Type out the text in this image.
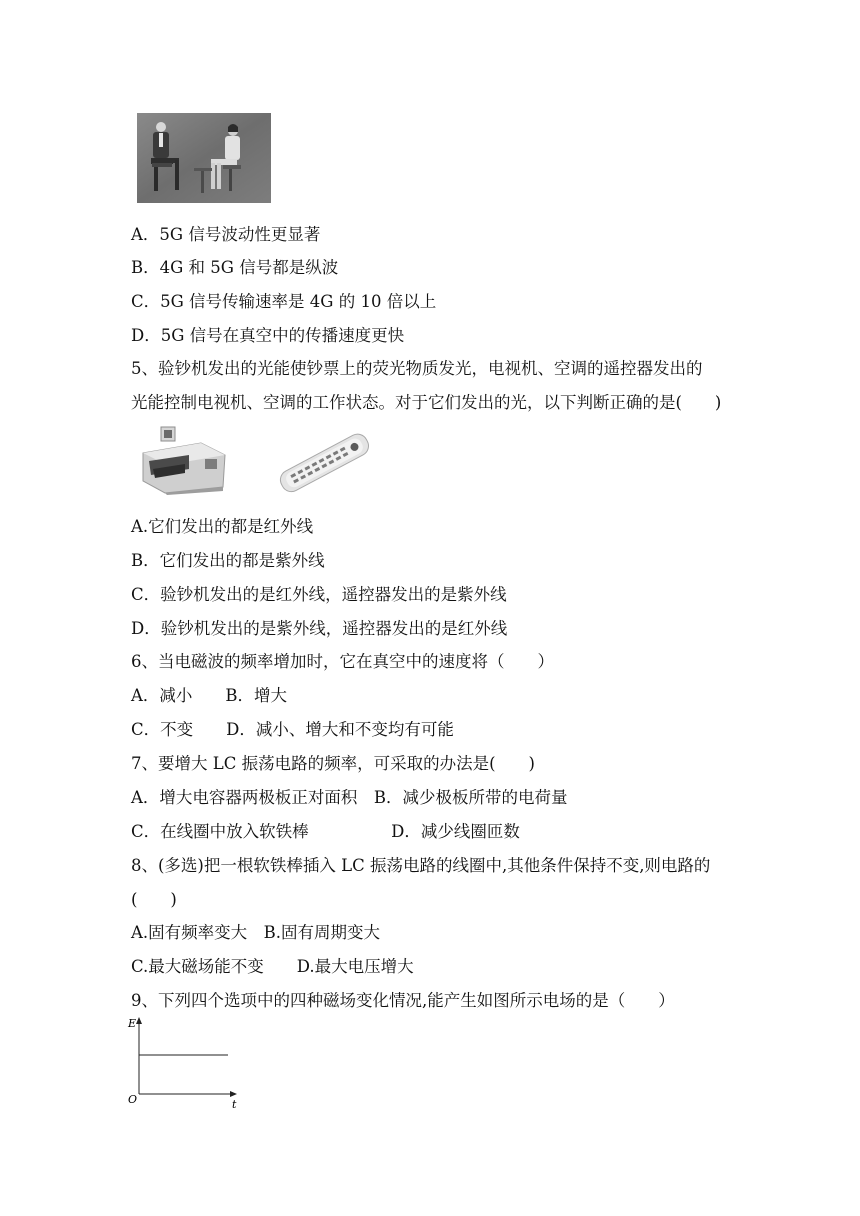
A．5G 信号波动性更显著
B．4G 和 5G 信号都是纵波
C．5G 信号传输速率是 4G 的 10 倍以上
D．5G 信号在真空中的传播速度更快
5、验钞机发出的光能使钞票上的荧光物质发光，电视机、空调的遥控器发出的
光能控制电视机、空调的工作状态。对于它们发出的光，以下判断正确的是(　　)
A.它们发出的都是红外线
B．它们发出的都是紫外线
C．验钞机发出的是红外线，遥控器发出的是紫外线
D．验钞机发出的是紫外线，遥控器发出的是红外线
6、当电磁波的频率增加时，它在真空中的速度将（　　）
A．减小　　B．增大
C．不变　　D．减小、增大和不变均有可能
7、要增大 LC 振荡电路的频率，可采取的办法是(　　)
A．增大电容器两极板正对面积　B．减少极板所带的电荷量
C．在线圈中放入软铁棒　　　　　D．减少线圈匝数
8、(多选)把一根软铁棒插入 LC 振荡电路的线圈中,其他条件保持不变,则电路的
(　　)
A.固有频率变大　B.固有周期变大
C.最大磁场能不变　　D.最大电压增大
9、下列四个选项中的四种磁场变化情况,能产生如图所示电场的是（　　）
E
O	t
